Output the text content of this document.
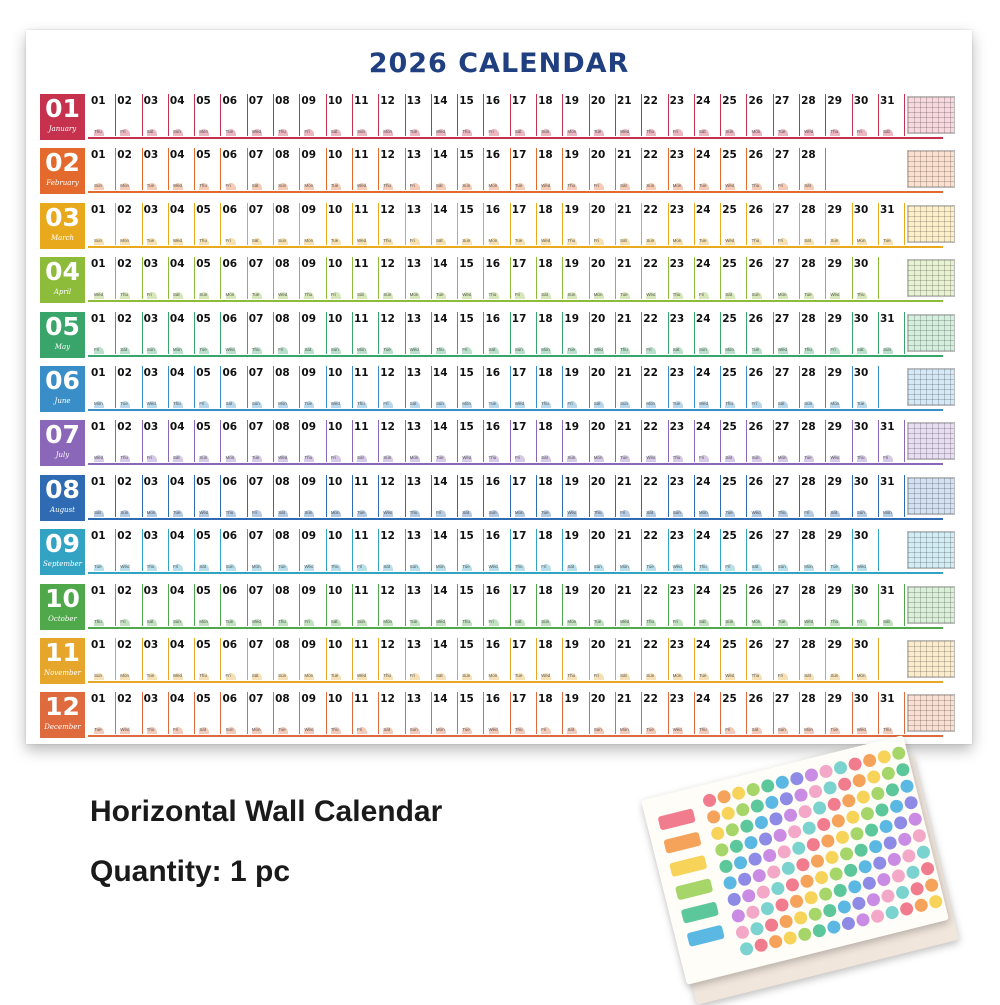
2026 CALENDAR
01
January
01
Thu
02
Fri
03
Sat
04
Sun
05
Mon
06
Tue
07
Wed
08
Thu
09
Fri
10
Sat
11
Sun
12
Mon
13
Tue
14
Wed
15
Thu
16
Fri
17
Sat
18
Sun
19
Mon
20
Tue
21
Wed
22
Thu
23
Fri
24
Sat
25
Sun
26
Mon
27
Tue
28
Wed
29
Thu
30
Fri
31
Sat
02
February
01
Sun
02
Mon
03
Tue
04
Wed
05
Thu
06
Fri
07
Sat
08
Sun
09
Mon
10
Tue
11
Wed
12
Thu
13
Fri
14
Sat
15
Sun
16
Mon
17
Tue
18
Wed
19
Thu
20
Fri
21
Sat
22
Sun
23
Mon
24
Tue
25
Wed
26
Thu
27
Fri
28
Sat
03
March
01
Sun
02
Mon
03
Tue
04
Wed
05
Thu
06
Fri
07
Sat
08
Sun
09
Mon
10
Tue
11
Wed
12
Thu
13
Fri
14
Sat
15
Sun
16
Mon
17
Tue
18
Wed
19
Thu
20
Fri
21
Sat
22
Sun
23
Mon
24
Tue
25
Wed
26
Thu
27
Fri
28
Sat
29
Sun
30
Mon
31
Tue
04
April
01
Wed
02
Thu
03
Fri
04
Sat
05
Sun
06
Mon
07
Tue
08
Wed
09
Thu
10
Fri
11
Sat
12
Sun
13
Mon
14
Tue
15
Wed
16
Thu
17
Fri
18
Sat
19
Sun
20
Mon
21
Tue
22
Wed
23
Thu
24
Fri
25
Sat
26
Sun
27
Mon
28
Tue
29
Wed
30
Thu
05
May
01
Fri
02
Sat
03
Sun
04
Mon
05
Tue
06
Wed
07
Thu
08
Fri
09
Sat
10
Sun
11
Mon
12
Tue
13
Wed
14
Thu
15
Fri
16
Sat
17
Sun
18
Mon
19
Tue
20
Wed
21
Thu
22
Fri
23
Sat
24
Sun
25
Mon
26
Tue
27
Wed
28
Thu
29
Fri
30
Sat
31
Sun
06
June
01
Mon
02
Tue
03
Wed
04
Thu
05
Fri
06
Sat
07
Sun
08
Mon
09
Tue
10
Wed
11
Thu
12
Fri
13
Sat
14
Sun
15
Mon
16
Tue
17
Wed
18
Thu
19
Fri
20
Sat
21
Sun
22
Mon
23
Tue
24
Wed
25
Thu
26
Fri
27
Sat
28
Sun
29
Mon
30
Tue
07
July
01
Wed
02
Thu
03
Fri
04
Sat
05
Sun
06
Mon
07
Tue
08
Wed
09
Thu
10
Fri
11
Sat
12
Sun
13
Mon
14
Tue
15
Wed
16
Thu
17
Fri
18
Sat
19
Sun
20
Mon
21
Tue
22
Wed
23
Thu
24
Fri
25
Sat
26
Sun
27
Mon
28
Tue
29
Wed
30
Thu
31
Fri
08
August
01
Sat
02
Sun
03
Mon
04
Tue
05
Wed
06
Thu
07
Fri
08
Sat
09
Sun
10
Mon
11
Tue
12
Wed
13
Thu
14
Fri
15
Sat
16
Sun
17
Mon
18
Tue
19
Wed
20
Thu
21
Fri
22
Sat
23
Sun
24
Mon
25
Tue
26
Wed
27
Thu
28
Fri
29
Sat
30
Sun
31
Mon
09
September
01
Tue
02
Wed
03
Thu
04
Fri
05
Sat
06
Sun
07
Mon
08
Tue
09
Wed
10
Thu
11
Fri
12
Sat
13
Sun
14
Mon
15
Tue
16
Wed
17
Thu
18
Fri
19
Sat
20
Sun
21
Mon
22
Tue
23
Wed
24
Thu
25
Fri
26
Sat
27
Sun
28
Mon
29
Tue
30
Wed
10
October
01
Thu
02
Fri
03
Sat
04
Sun
05
Mon
06
Tue
07
Wed
08
Thu
09
Fri
10
Sat
11
Sun
12
Mon
13
Tue
14
Wed
15
Thu
16
Fri
17
Sat
18
Sun
19
Mon
20
Tue
21
Wed
22
Thu
23
Fri
24
Sat
25
Sun
26
Mon
27
Tue
28
Wed
29
Thu
30
Fri
31
Sat
11
November
01
Sun
02
Mon
03
Tue
04
Wed
05
Thu
06
Fri
07
Sat
08
Sun
09
Mon
10
Tue
11
Wed
12
Thu
13
Fri
14
Sat
15
Sun
16
Mon
17
Tue
18
Wed
19
Thu
20
Fri
21
Sat
22
Sun
23
Mon
24
Tue
25
Wed
26
Thu
27
Fri
28
Sat
29
Sun
30
Mon
12
December
01
Tue
02
Wed
03
Thu
04
Fri
05
Sat
06
Sun
07
Mon
08
Tue
09
Wed
10
Thu
11
Fri
12
Sat
13
Sun
14
Mon
15
Tue
16
Wed
17
Thu
18
Fri
19
Sat
20
Sun
21
Mon
22
Tue
23
Wed
24
Thu
25
Fri
26
Sat
27
Sun
28
Mon
29
Tue
30
Wed
31
Thu
Horizontal Wall Calendar
Quantity: 1 pc
